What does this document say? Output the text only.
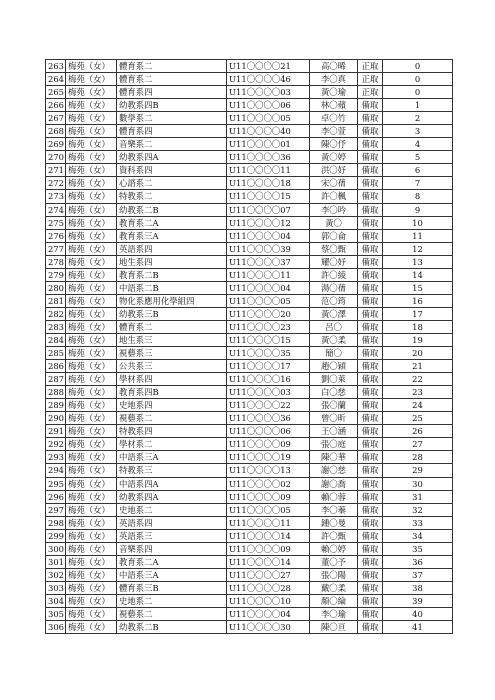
263	梅苑（女）	體育系二	U11〇〇〇〇21	高〇晞	正取	0
264	梅苑（女）	體育系二	U11〇〇〇〇46	李〇真	正取	0
265	梅苑（女）	體育系四	U11〇〇〇〇03	黃〇瑜	正取	0
266	梅苑（女）	幼教系四B	U11〇〇〇〇06	林〇蘋	備取	1
267	梅苑（女）	數學系二	U11〇〇〇〇05	卓〇竹	備取	2
268	梅苑（女）	體育系四	U11〇〇〇〇40	李〇萱	備取	3
269	梅苑（女）	音樂系二	U11〇〇〇〇01	陳〇伃	備取	4
270	梅苑（女）	幼教系四A	U11〇〇〇〇36	黃〇婷	備取	5
271	梅苑（女）	資科系四	U11〇〇〇〇11	洪〇妤	備取	6
272	梅苑（女）	心諮系二	U11〇〇〇〇18	宋〇蒨	備取	7
273	梅苑（女）	特教系二	U11〇〇〇〇15	許〇楓	備取	8
274	梅苑（女）	幼教系二B	U11〇〇〇〇07	李〇吟	備取	9
275	梅苑（女）	教育系二A	U11〇〇〇〇12	黃〇	備取	10
276	梅苑（女）	教育系三A	U11〇〇〇〇04	郭〇侖	備取	11
277	梅苑（女）	英語系四	U11〇〇〇〇39	蔡〇甄	備取	12
278	梅苑（女）	地生系四	U11〇〇〇〇37	耀〇妤	備取	13
279	梅苑（女）	教育系二B	U11〇〇〇〇11	許〇綾	備取	14
280	梅苑（女）	中語系二B	U11〇〇〇〇04	湯〇蒨	備取	15
281	梅苑（女）	物化系應用化學組四	U11〇〇〇〇05	范〇筠	備取	16
282	梅苑（女）	幼教系三B	U11〇〇〇〇20	黃〇澤	備取	17
283	梅苑（女）	體育系二	U11〇〇〇〇23	呂〇	備取	18
284	梅苑（女）	地生系三	U11〇〇〇〇15	黃〇柔	備取	19
285	梅苑（女）	視藝系三	U11〇〇〇〇35	簡〇	備取	20
286	梅苑（女）	公共系三	U11〇〇〇〇17	趙〇穎	備取	21
287	梅苑（女）	學材系四	U11〇〇〇〇16	劉〇萊	備取	22
288	梅苑（女）	教育系四B	U11〇〇〇〇03	白〇慈	備取	23
289	梅苑（女）	史地系四	U11〇〇〇〇22	張〇蘭	備取	24
290	梅苑（女）	視藝系二	U11〇〇〇〇36	曾〇昕	備取	25
291	梅苑（女）	特教系四	U11〇〇〇〇06	王〇涵	備取	26
292	梅苑（女）	學材系二	U11〇〇〇〇09	張〇庭	備取	27
293	梅苑（女）	中語系三A	U11〇〇〇〇19	陳〇華	備取	28
294	梅苑（女）	特教系三	U11〇〇〇〇13	謝〇慈	備取	29
295	梅苑（女）	中語系四A	U11〇〇〇〇02	謝〇喬	備取	30
296	梅苑（女）	幼教系四A	U11〇〇〇〇09	賴〇蓉	備取	31
297	梅苑（女）	史地系二	U11〇〇〇〇05	李〇蓁	備取	32
298	梅苑（女）	英語系四	U11〇〇〇〇11	鍾〇曼	備取	33
299	梅苑（女）	英語系三	U11〇〇〇〇14	許〇甄	備取	34
300	梅苑（女）	音樂系四	U11〇〇〇〇09	賴〇婷	備取	35
301	梅苑（女）	教育系二A	U11〇〇〇〇14	董〇予	備取	36
302	梅苑（女）	中語系三A	U11〇〇〇〇27	張〇陽	備取	37
303	梅苑（女）	體育系三B	U11〇〇〇〇28	戴〇柔	備取	38
304	梅苑（女）	史地系二	U11〇〇〇〇10	顏〇綸	備取	39
305	梅苑（女）	視藝系二	U11〇〇〇〇04	李〇瑜	備取	40
306	梅苑（女）	幼教系二B	U11〇〇〇〇30	陳〇亘	備取	41
